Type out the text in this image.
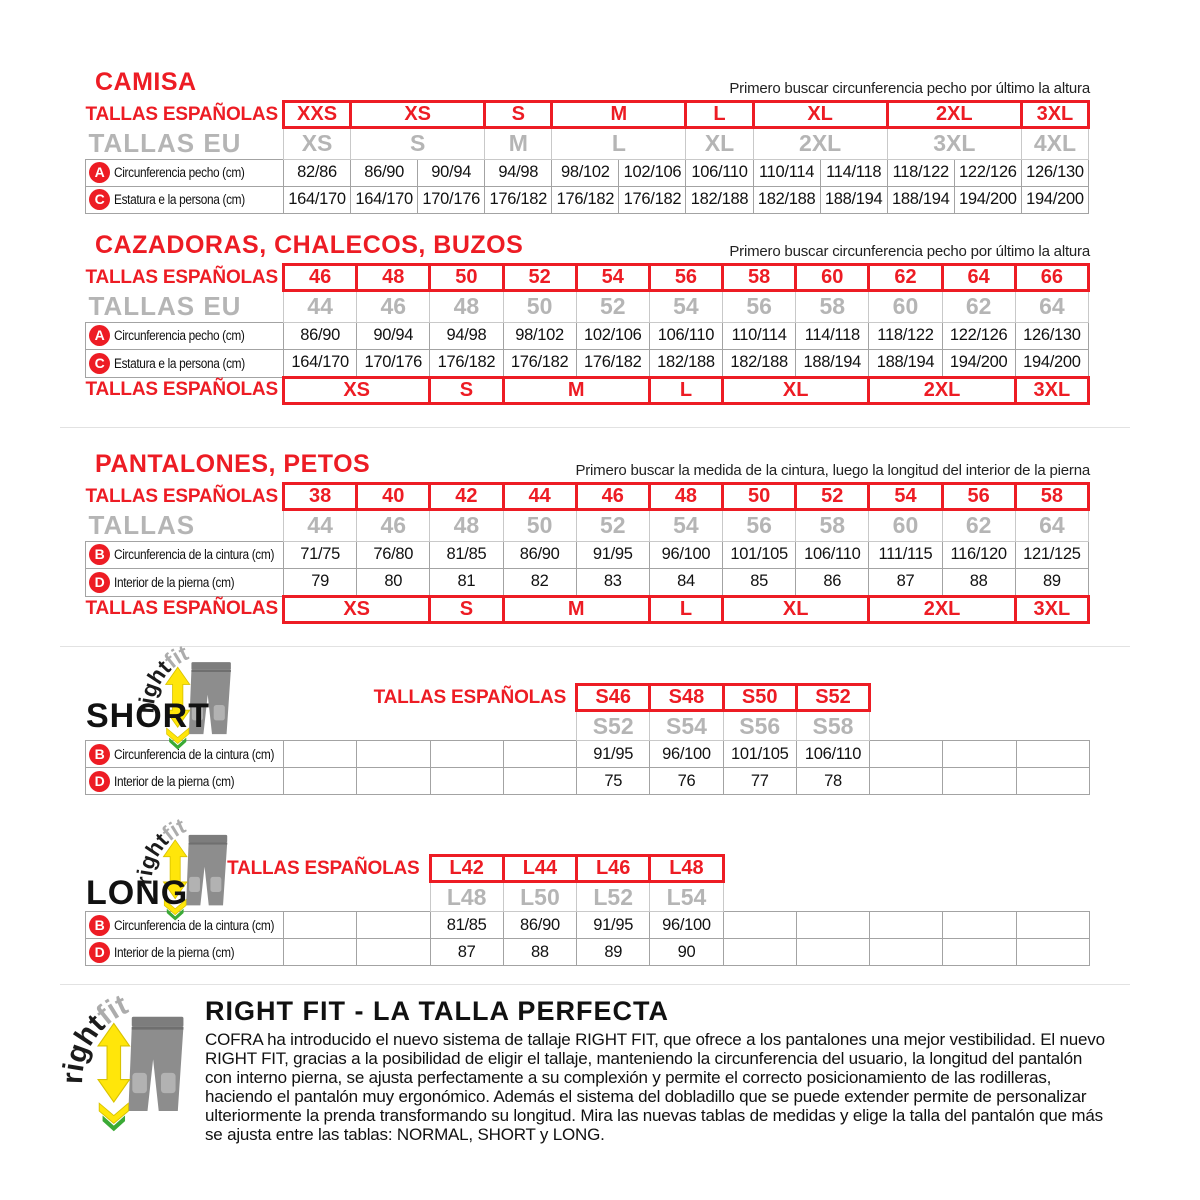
CAMISA	Primero buscar circunferencia pecho por último la altura
TALLAS ESPAÑOLAS	XXS	XS		S	M		L	XL		2XL		3XL
TALLAS EU	XS	S		M	L		XL	2XL		3XL		4XL
A Circunferencia pecho (cm)	82/86	86/90	90/94	94/98	98/102	102/106	106/110	110/114	114/118	118/122	122/126	126/130
C Estatura e la persona (cm)	164/170	164/170	170/176	176/182	176/182	176/182	182/188	182/188	188/194	188/194	194/200	194/200
CAZADORAS, CHALECOS, BUZOS	Primero buscar circunferencia pecho por último la altura
TALLAS ESPAÑOLAS	46	48	50	52	54	56	58	60	62	64	66
TALLAS EU	44	46	48	50	52	54	56	58	60	62	64
A Circunferencia pecho (cm)	86/90	90/94	94/98	98/102	102/106	106/110	110/114	114/118	118/122	122/126	126/130
C Estatura e la persona (cm)	164/170	170/176	176/182	176/182	176/182	182/188	182/188	188/194	188/194	194/200	194/200
TALLAS ESPAÑOLAS	XS		S	M		L	XL		2XL		3XL
PANTALONES, PETOS	Primero buscar la medida de la cintura, luego la longitud del interior de la pierna
TALLAS ESPAÑOLAS	38	40	42	44	46	48	50	52	54	56	58
TALLAS	44	46	48	50	52	54	56	58	60	62	64
B Circunferencia de la cintura (cm)	71/75	76/80	81/85	86/90	91/95	96/100	101/105	106/110	111/115	116/120	121/125
D Interior de la pierna (cm)	79	80	81	82	83	84	85	86	87	88	89
TALLAS ESPAÑOLAS	XS		S	M		L	XL		2XL		3XL
SHORT	TALLAS ESPAÑOLAS					S46	S48	S50	S52			
					S52	S54	S56	S58			
B Circunferencia de la cintura (cm)					91/95	96/100	101/105	106/110			
D Interior de la pierna (cm)					75	76	77	78			
LONG
TALLAS ESPAÑOLAS			L42	L44	L46	L48					
			L48	L50	L52	L54					
B Circunferencia de la cintura (cm)			81/85	86/90	91/95	96/100					
D Interior de la pierna (cm)			87	88	89	90					
RIGHT FIT - LA TALLA PERFECTA
COFRA ha introducido el nuevo sistema de tallaje RIGHT FIT, que ofrece a los pantalones una mejor vestibilidad. El nuevo RIGHT FIT, gracias a la posibilidad de eligir el tallaje, manteniendo la circunferencia del usuario, la longitud del pantalón con interno pierna, se ajusta perfectamente a su complexión y permite el correcto posicionamiento de las rodilleras, haciendo el pantalón muy ergonómico. Además el sistema del dobladillo que se puede extender permite de personalizar ulteriormente la prenda transformando su longitud. Mira las nuevas tablas de medidas y elige la talla del pantalón que más se ajusta entre las tablas: NORMAL, SHORT y LONG.
